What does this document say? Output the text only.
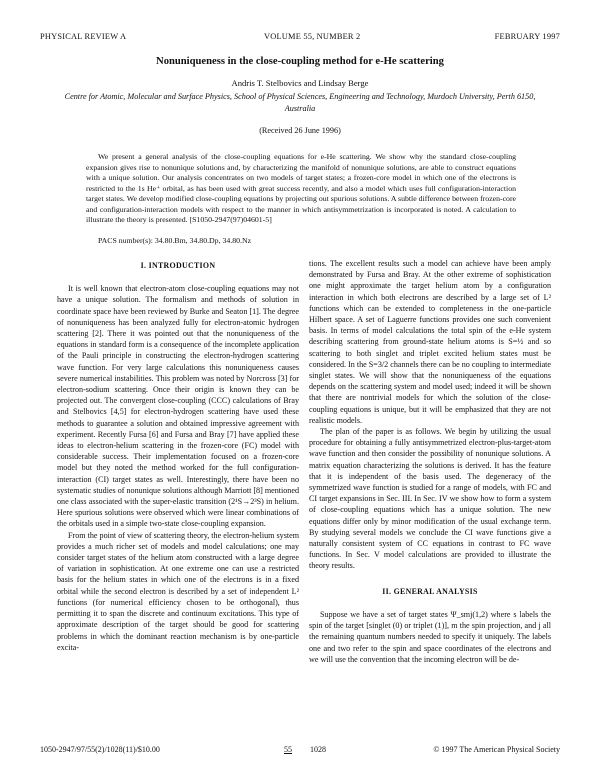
PHYSICAL REVIEW A	VOLUME 55, NUMBER 2	FEBRUARY 1997
Nonuniqueness in the close-coupling method for e-He scattering
Andris T. Stelbovics and Lindsay Berge
Centre for Atomic, Molecular and Surface Physics, School of Physical Sciences, Engineering and Technology, Murdoch University, Perth 6150, Australia
(Received 26 June 1996)

We present a general analysis of the close-coupling equations for e-He scattering. We show why the standard close-coupling expansion gives rise to nonunique solutions and, by characterizing the manifold of nonunique solutions, are able to construct equations with a unique solution. Our analysis concentrates on two models of target states; a frozen-core model in which one of the electrons is restricted to the 1s He⁺ orbital, as has been used with great success recently, and also a model which uses full configuration-interaction target states. We develop modified close-coupling equations by projecting out spurious solutions. A subtle difference between frozen-core and configuration-interaction models with respect to the manner in which antisymmetrization is incorporated is noted. A calculation to illustrate the theory is presented. [S1050-2947(97)04601-5]

PACS number(s): 34.80.Bm, 34.80.Dp, 34.80.Nz
I. INTRODUCTION

It is well known that electron-atom close-coupling equations may not have a unique solution. The formalism and methods of solution in coordinate space have been reviewed by Burke and Seaton [1]. The degree of nonuniqueness has been analyzed fully for electron-atomic hydrogen scattering [2]. There it was pointed out that the nonuniqueness of the equations in standard form is a consequence of the incomplete application of the Pauli principle in constructing the electron-hydrogen scattering wave function. For very large calculations this nonuniqueness causes severe numerical instabilities. This problem was noted by Norcross [3] for electron-sodium scattering. Once their origin is known they can be projected out. The convergent close-coupling (CCC) calculations of Bray and Stelbovics [4,5] for electron-hydrogen scattering have used these methods to guarantee a solution and obtained impressive agreement with experiment. Recently Fursa [6] and Fursa and Bray [7] have applied these ideas to electron-helium scattering in the frozen-core (FC) model with considerable success. Their implementation focused on a frozen-core model but they noted the method worked for the full configuration-interaction (CI) target states as well. Interestingly, there have been no systematic studies of nonunique solutions although Marriott [8] mentioned one class associated with the super-elastic transition (2¹S→2³S) in helium. Here spurious solutions were observed which were linear combinations of the orbitals used in a simple two-state close-coupling expansion.

From the point of view of scattering theory, the electron-helium system provides a much richer set of models and model calculations; one may consider target states of the helium atom constructed with a large degree of variation in sophistication. At one extreme one can use a restricted basis for the helium states in which one of the electrons is in a fixed orbital while the second electron is described by a set of independent L² functions (for numerical efficiency chosen to be orthogonal), thus permitting it to span the discrete and continuum excitations. This type of approximate description of the target should be good for scattering problems in which the dominant reaction mechanism is by one-particle excita-

tions. The excellent results such a model can achieve have been amply demonstrated by Fursa and Bray. At the other extreme of sophistication one might approximate the target helium atom by a configuration interaction in which both electrons are described by a large set of L² functions which can be extended to completeness in the one-particle Hilbert space. A set of Laguerre functions provides one such convenient basis. In terms of model calculations the total spin of the e-He system describing scattering from ground-state helium atoms is S=½ and so scattering to both singlet and triplet excited helium states must be considered. In the S=3/2 channels there can be no coupling to intermediate singlet states. We will show that the nonuniqueness of the equations depends on the scattering system and model used; indeed it will be shown that there are nontrivial models for which the solution of the close-coupling equations is unique, but it will be emphasized that they are not realistic models.

The plan of the paper is as follows. We begin by utilizing the usual procedure for obtaining a fully antisymmetrized electron-plus-target-atom wave function and then consider the possibility of nonunique solutions. A matrix equation characterizing the solutions is derived. It has the feature that it is independent of the basis used. The degeneracy of the symmetrized wave function is studied for a range of models, with FC and CI target expansions in Sec. III. In Sec. IV we show how to form a system of close-coupling equations which has a unique solution. The new equations differ only by minor modification of the usual exchange term. By studying several models we conclude the CI wave functions give a naturally consistent system of CC equations in contrast to FC wave functions. In Sec. V model calculations are provided to illustrate the theory results.

II. GENERAL ANALYSIS

Suppose we have a set of target states Ψ_smj(1,2) where s labels the spin of the target [singlet (0) or triplet (1)], m the spin projection, and j all the remaining quantum numbers needed to specify it uniquely. The labels one and two refer to the spin and space coordinates of the electrons and we will use the convention that the incoming electron will be de-

1050-2947/97/55(2)/1028(11)/$10.00	55 1028	© 1997 The American Physical Society
